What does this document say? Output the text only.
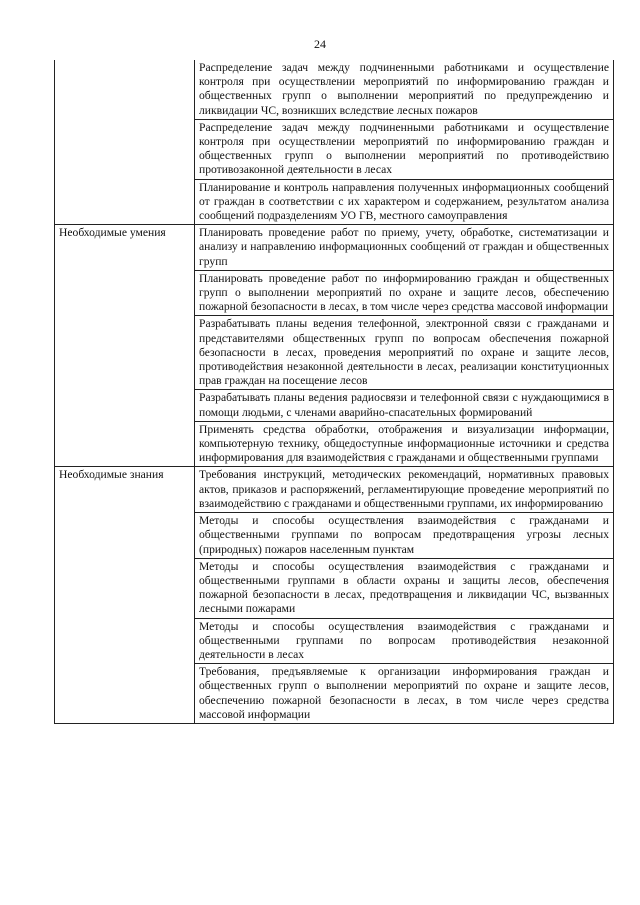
24
	Распределение задач между подчиненными работниками и осуществление контроля при осуществлении мероприятий по информированию граждан и общественных групп о выполнении мероприятий по предупреждению и ликвидации ЧС, возникших вследствие лесных пожаров
	Распределение задач между подчиненными работниками и осуществление контроля при осуществлении мероприятий по информированию граждан и общественных групп о выполнении мероприятий по противодействию противозаконной деятельности в лесах
	Планирование и контроль направления полученных информационных сообщений от граждан в соответствии с их характером и содержанием, результатом анализа сообщений подразделениям УО ГВ, местного самоуправления
Необходимые умения	Планировать проведение работ по приему, учету, обработке, систематизации и анализу и направлению информационных сообщений от граждан и общественных групп
	Планировать проведение работ по информированию граждан и общественных групп о выполнении мероприятий по охране и защите лесов, обеспечению пожарной безопасности в лесах, в том числе через средства массовой информации
	Разрабатывать планы ведения телефонной, электронной связи с гражданами и представителями общественных групп по вопросам обеспечения пожарной безопасности в лесах, проведения мероприятий по охране и защите лесов, противодействия незаконной деятельности в лесах, реализации конституционных прав граждан на посещение лесов
	Разрабатывать планы ведения радиосвязи и телефонной связи с нуждающимися в помощи людьми, с членами аварийно-спасательных формирований
	Применять средства обработки, отображения и визуализации информации, компьютерную технику, общедоступные информационные источники и средства информирования для взаимодействия с гражданами и общественными группами
Необходимые знания	Требования инструкций, методических рекомендаций, нормативных правовых актов, приказов и распоряжений, регламентирующие проведение мероприятий по взаимодействию с гражданами и общественными группами, их информированию
	Методы и способы осуществления взаимодействия с гражданами и общественными группами по вопросам предотвращения угрозы лесных (природных) пожаров населенным пунктам
	Методы и способы осуществления взаимодействия с гражданами и общественными группами в области охраны и защиты лесов, обеспечения пожарной безопасности в лесах, предотвращения и ликвидации ЧС, вызванных лесными пожарами
	Методы и способы осуществления взаимодействия с гражданами и общественными группами по вопросам противодействия незаконной деятельности в лесах
	Требования, предъявляемые к организации информирования граждан и общественных групп о выполнении мероприятий по охране и защите лесов, обеспечению пожарной безопасности в лесах, в том числе через средства массовой информации
